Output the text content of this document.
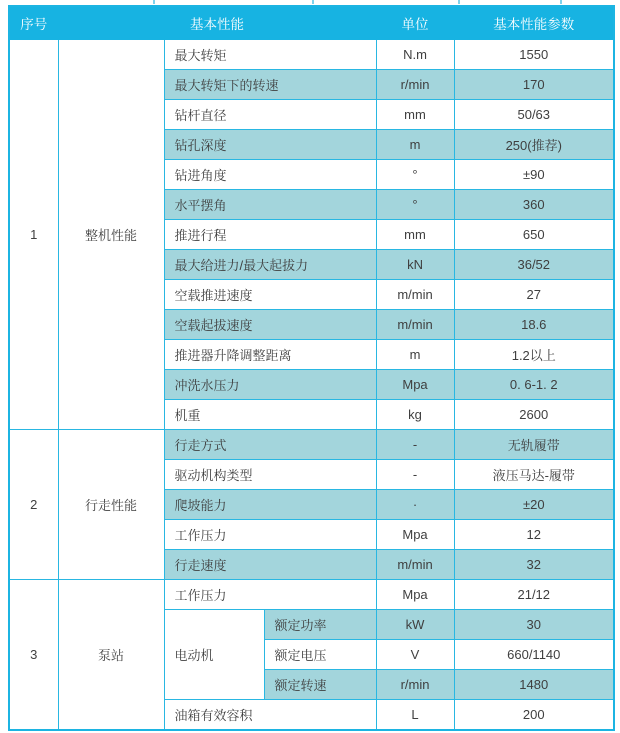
序号	基本性能			单位	基本性能参数
1	整机性能	最大转矩		N.m	1550
		最大转矩下的转速		r/min	170
		钻杆直径		mm	50/63
		钻孔深度		m	250(推荐)
		钻进角度		°	±90
		水平摆角		°	360
		推进行程		mm	650
		最大给进力/最大起拔力		kN	36/52
		空载推进速度		m/min	27
		空载起拔速度		m/min	18.6
		推进器升降调整距离		m	1.2以上
		冲洗水压力		Mpa	0. 6-1. 2
		机重		kg	2600
2	行走性能	行走方式		-	无轨履带
		驱动机构类型		-	液压马达-履带
		爬坡能力		·	±20
		工作压力		Mpa	12
		行走速度		m/min	32
3	泵站	工作压力		Mpa	21/12
		电动机	额定功率	kW	30
			额定电压	V	660/1140
			额定转速	r/min	1480
		油箱有效容积		L	200
